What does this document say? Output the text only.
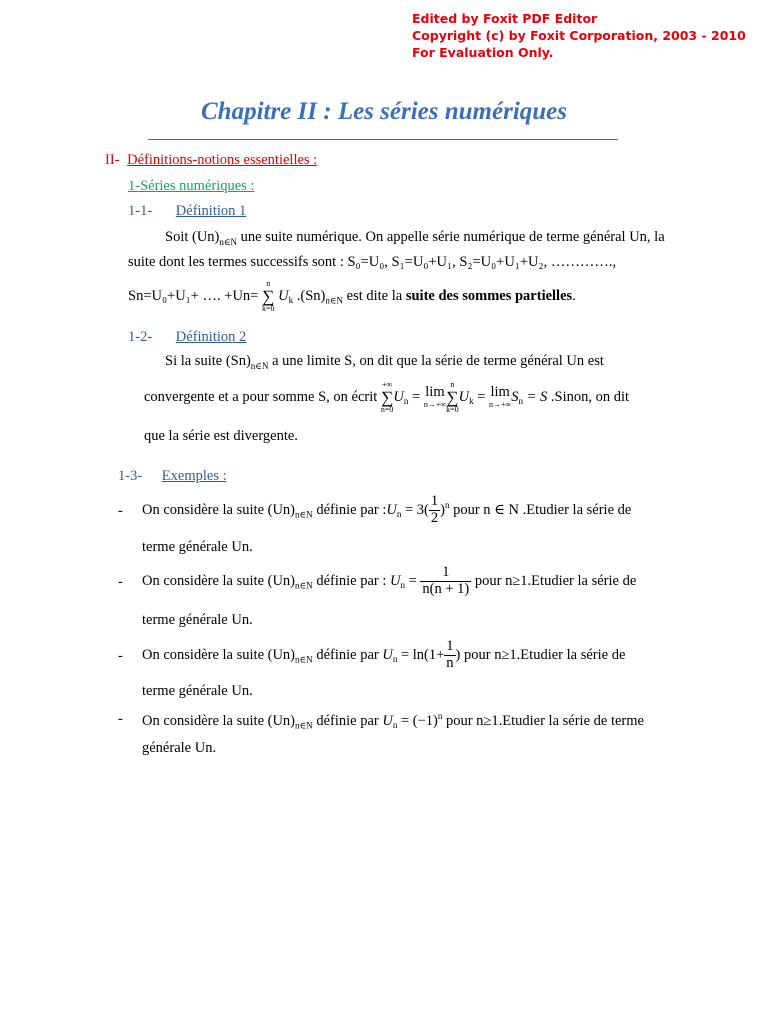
Edited by Foxit PDF Editor
Copyright (c) by Foxit Corporation, 2003 - 2010
For Evaluation Only.
Chapitre II : Les séries numériques
II- Définitions-notions essentielles :
1-Séries numériques :
1-1- Définition 1
Soit $(Un)_{n\in N}$ une suite numérique. On appelle série numérique de terme général Un, la
suite dont les termes successifs sont : S₀=U₀, S₁=U₀+U₁, S₂=U₀+U₁+U₂, ………….,
Sn=U₀+U₁+ …. +Un=
n
∑
k=0
$U_k$ $.(Sn)_{n\in N}$ est dite la suite des sommes partielles.
1-2- Définition 2
Si la suite $(Sn)_{n\in N}$ a une limite S, on dit que la série de terme général Un est
convergente et a pour somme S, on écrit
+∞
∑
n=0
$U_n = \lim$
n→+∞
n
∑
k=0
$U_k = \lim$
n→+∞ $S_n = S$ .Sinon, on dit
que la série est divergente.
1-3- Exemples :
- On considère la suite $(Un)_{n\in N}$ définie par $:U_n = 3( \frac{1}{2} )^n$ pour n ∈ N .Etudier la série de
terme générale Un.
- On considère la suite $(Un)_{n\in N}$ définie par : $U_n = \frac{1}{n(n + 1)}$ pour n≥1.Etudier la série de
terme générale Un.
- On considère la suite $(Un)_{n\in N}$ définie par $U_n = \ln(1+ \frac{1}{n}$ ) pour n≥1.Etudier la série de
terme générale Un.
- On considère la suite $(Un)_{n\in N}$ définie par $U_n = (-1)^n$ pour n≥1.Etudier la série de terme
générale Un.
